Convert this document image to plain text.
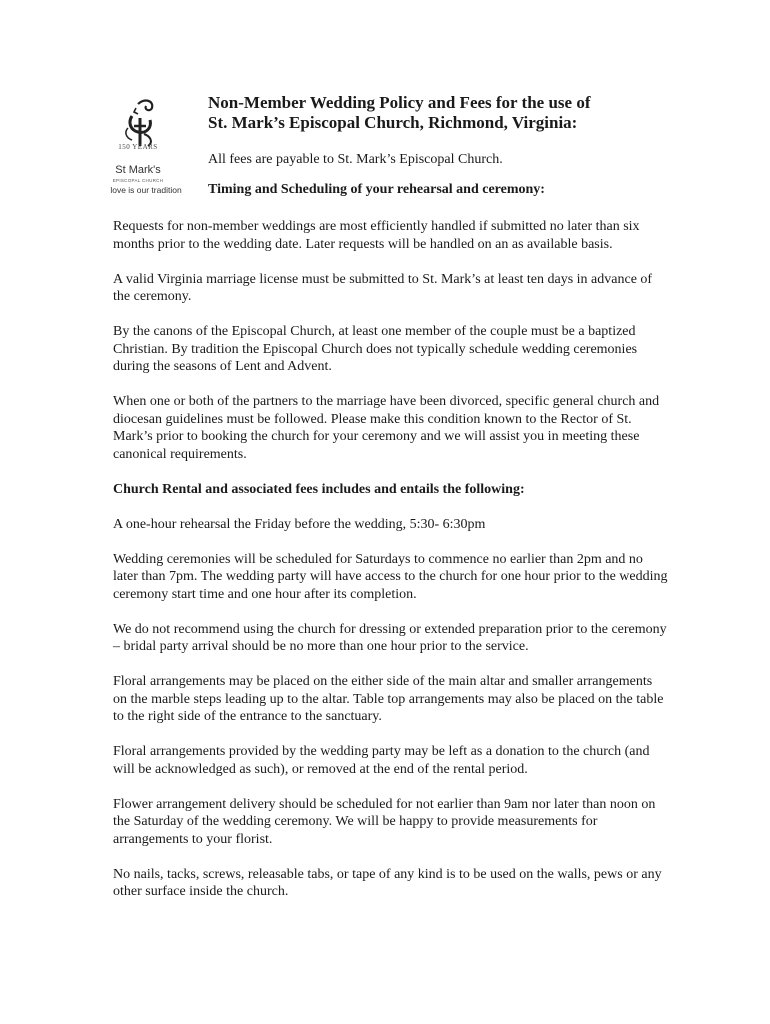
150 YEARS
St Mark's
EPISCOPAL CHURCH
love is our tradition
Non-Member Wedding Policy and Fees for the use of
St. Mark’s Episcopal Church, Richmond, Virginia:

All fees are payable to St. Mark’s Episcopal Church.

Timing and Scheduling of your rehearsal and ceremony:

Requests for non-member weddings are most efficiently handled if submitted no later than six months prior to the wedding date. Later requests will be handled on an as available basis.

A valid Virginia marriage license must be submitted to St. Mark’s at least ten days in advance of the ceremony.

By the canons of the Episcopal Church, at least one member of the couple must be a baptized Christian. By tradition the Episcopal Church does not typically schedule wedding ceremonies during the seasons of Lent and Advent.

When one or both of the partners to the marriage have been divorced, specific general church and diocesan guidelines must be followed. Please make this condition known to the Rector of St. Mark’s prior to booking the church for your ceremony and we will assist you in meeting these canonical requirements.

Church Rental and associated fees includes and entails the following:

A one-hour rehearsal the Friday before the wedding, 5:30- 6:30pm

Wedding ceremonies will be scheduled for Saturdays to commence no earlier than 2pm and no later than 7pm. The wedding party will have access to the church for one hour prior to the wedding ceremony start time and one hour after its completion.

We do not recommend using the church for dressing or extended preparation prior to the ceremony – bridal party arrival should be no more than one hour prior to the service.

Floral arrangements may be placed on the either side of the main altar and smaller arrangements on the marble steps leading up to the altar. Table top arrangements may also be placed on the table to the right side of the entrance to the sanctuary.

Floral arrangements provided by the wedding party may be left as a donation to the church (and will be acknowledged as such), or removed at the end of the rental period.

Flower arrangement delivery should be scheduled for not earlier than 9am nor later than noon on the Saturday of the wedding ceremony. We will be happy to provide measurements for arrangements to your florist.

No nails, tacks, screws, releasable tabs, or tape of any kind is to be used on the walls, pews or any other surface inside the church.
